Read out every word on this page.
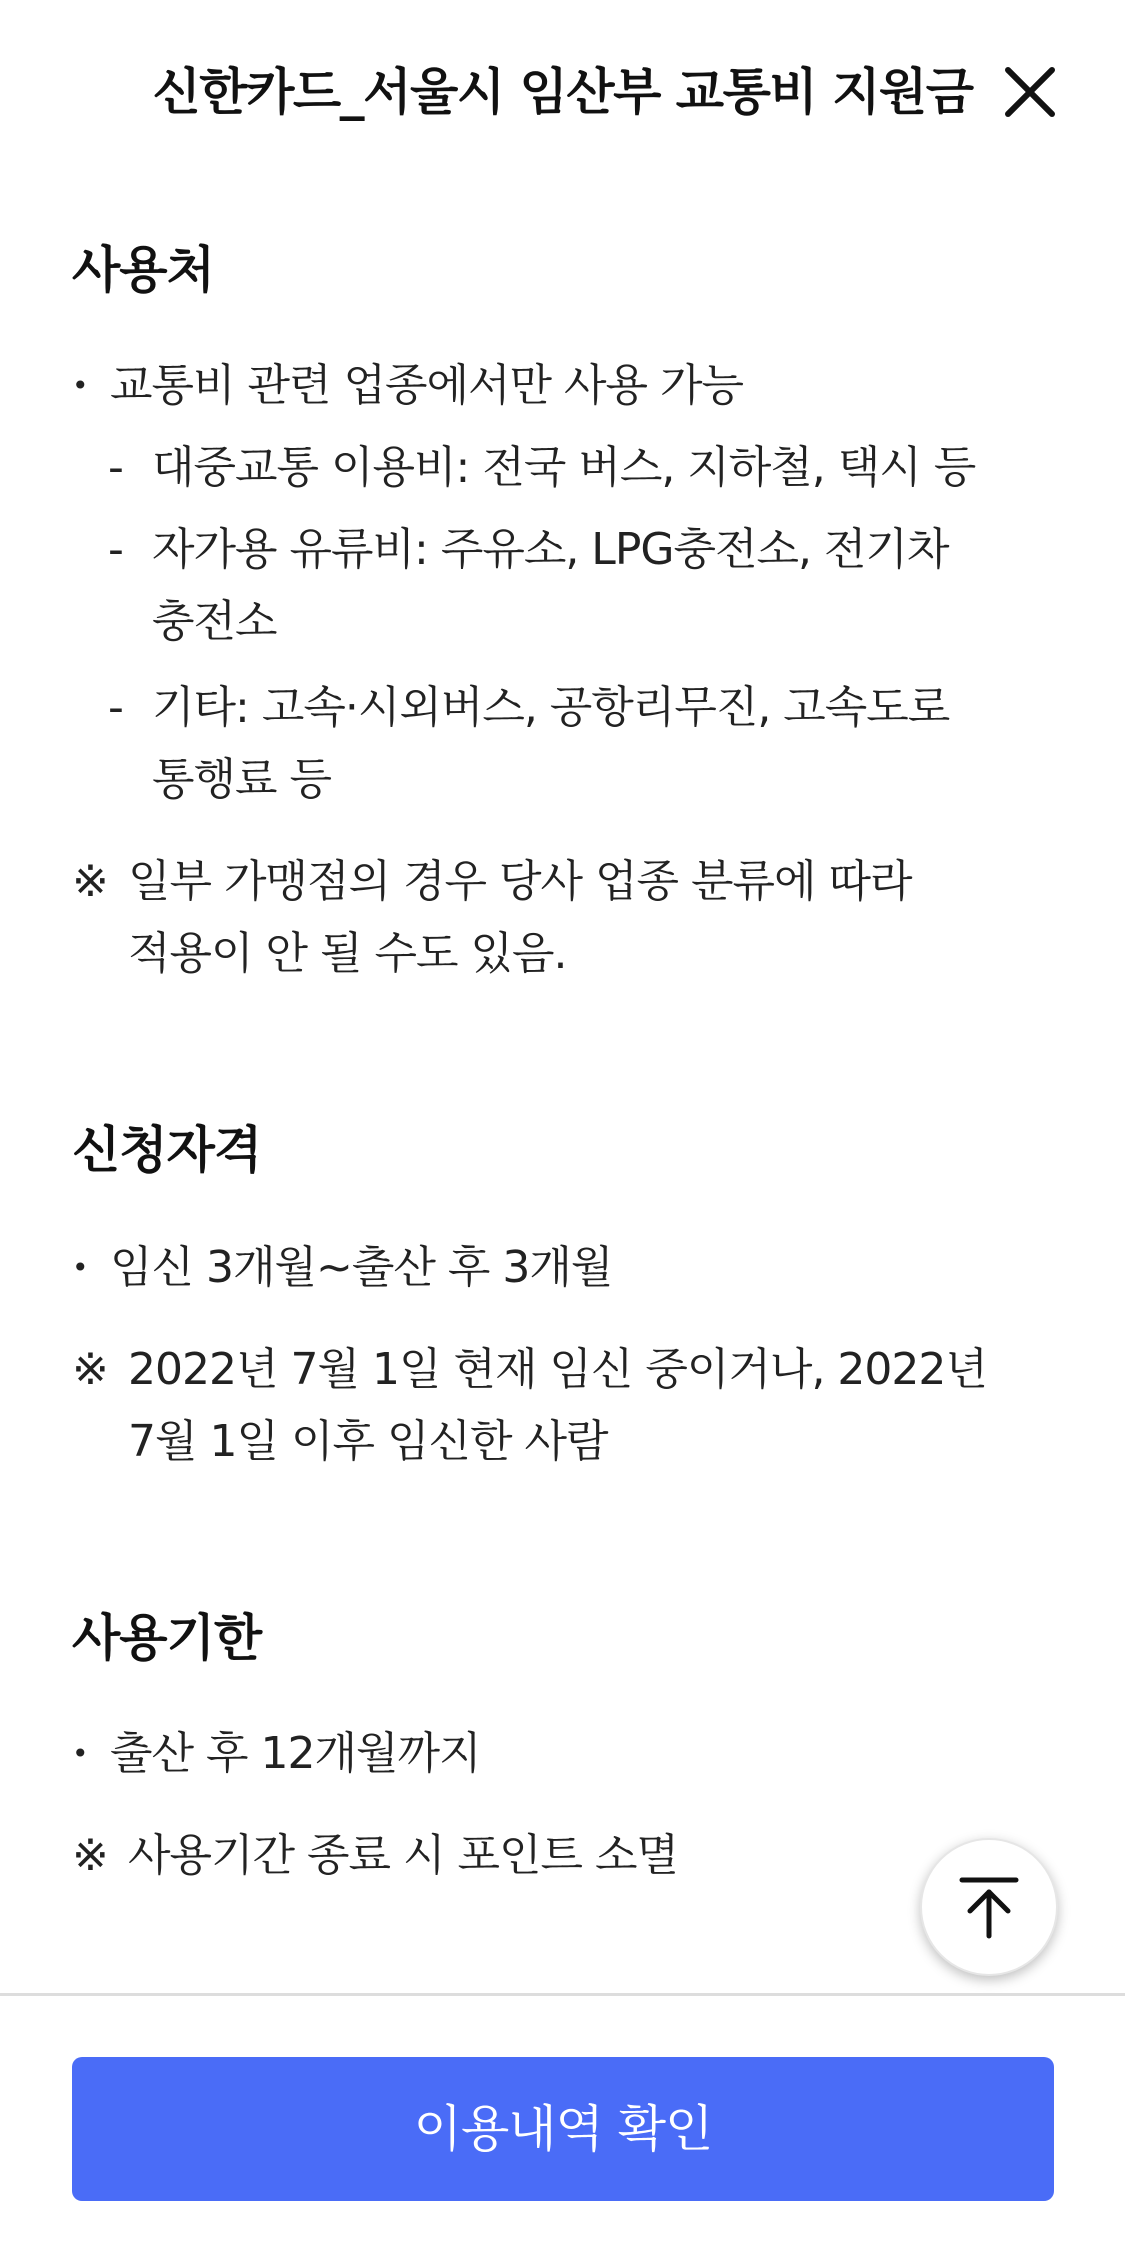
신한카드_서울시 임산부 교통비 지원금
사용처
• 교통비 관련 업종에서만 사용 가능
- 대중교통 이용비: 전국 버스, 지하철, 택시 등
- 자가용 유류비: 주유소, LPG충전소, 전기차
충전소
- 기타: 고속·시외버스, 공항리무진, 고속도로
통행료 등
※ 일부 가맹점의 경우 당사 업종 분류에 따라
적용이 안 될 수도 있음.
신청자격
• 임신 3개월~출산 후 3개월
※ 2022년 7월 1일 현재 임신 중이거나, 2022년
7월 1일 이후 임신한 사람
사용기한
• 출산 후 12개월까지
※ 사용기간 종료 시 포인트 소멸
이용내역 확인
